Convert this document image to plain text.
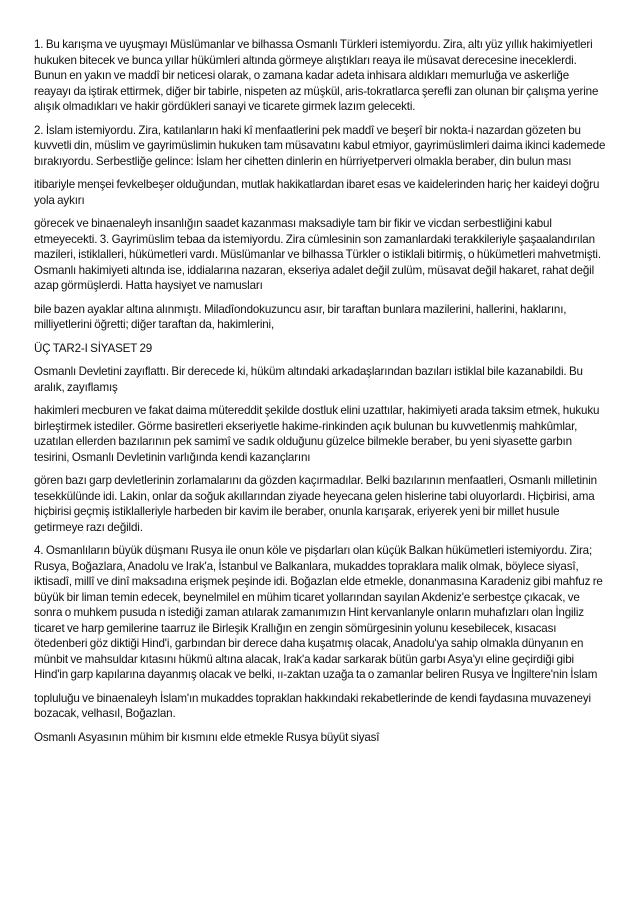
1. Bu karışma ve uyuşmayı Müslümanlar ve bilhassa Osmanlı Türkleri istemiyordu. Zira, altı yüz yıllık hakimiyetleri hukuken bitecek ve bunca yıllar hükümleri altında görmeye alıştıkları reaya ile müsavat derecesine ineceklerdi. Bunun en yakın ve maddî bir neticesi olarak, o zamana kadar adeta inhisara aldıkları memurluğa ve askerliğe reayayı da iştirak ettirmek, diğer bir tabirle, nispeten az müşkül, aris-tokratlarca şerefli zan olunan bir çalışma yerine alışık olmadıkları ve hakir gördükleri sanayi ve ticarete girmek lazım gelecekti.

2. İslam istemiyordu. Zira, katılanların haki kî menfaatlerini pek maddî ve beşerî bir nokta-i nazardan gözeten bu kuvvetli din, müslim ve gayrimüslimin hukuken tam müsavatını kabul etmiyor, gayrimüslimleri daima ikinci kademede bırakıyordu. Serbestliğe gelince: İslam her cihetten dinlerin en hürriyetperveri olmakla beraber, din bulun ması

itibariyle menşei fevkelbeşer olduğundan, mutlak hakikatlardan ibaret esas ve kaidelerinden hariç her kaideyi doğru yola aykırı

görecek ve binaenaleyh insanlığın saadet kazanması maksadiyle tam bir fikir ve vicdan serbestliğini kabul etmeyecekti. 3. Gayrimüslim tebaa da istemiyordu. Zira cümlesinin son zamanlardaki terakkileriyle şaşaalandırılan mazileri, istiklalleri, hükümetleri vardı. Müslümanlar ve bilhassa Türkler o istiklali bitirmiş, o hükümetleri mahvetmişti. Osmanlı hakimiyeti altında ise, iddialarına nazaran, ekseriya adalet değil zulüm, müsavat değil hakaret, rahat değil azap görmüşlerdi. Hatta haysiyet ve namusları

bile bazen ayaklar altına alınmıştı. Miladîondokuzuncu asır, bir taraftan bunlara mazilerini, hallerini, haklarını, milliyetlerini öğretti; diğer taraftan da, hakimlerini,

ÜÇ TAR2-I SİYASET 29

Osmanlı Devletini zayıflattı. Bir derecede ki, hüküm altındaki arkadaşlarından bazıları istiklal bile kazanabildi. Bu aralık, zayıflamış

hakimleri mecburen ve fakat daima mütereddit şekilde dostluk elini uzattılar, hakimiyeti arada taksim etmek, hukuku birleştirmek istediler. Görme basiretleri ekseriyetle hakime-rinkinden açık bulunan bu kuvvetlenmiş mahkûmlar, uzatılan ellerden bazılarının pek samimî ve sadık olduğunu güzelce bilmekle beraber, bu yeni siyasette garbın tesirini, Osmanlı Devletinin varlığında kendi kazançlarını

gören bazı garp devletlerinin zorlamalarını da gözden kaçırmadılar. Belki bazılarının menfaatleri, Osmanlı milletinin tesekkülünde idi. Lakin, onlar da soğuk akıllarından ziyade heyecana gelen hislerine tabi oluyorlardı. Hiçbirisi, ama hiçbirisi geçmiş istiklalleriyle harbeden bir kavim ile beraber, onunla karışarak, eriyerek yeni bir millet husule getirmeye razı değildi.

4. Osmanlıların büyük düşmanı Rusya ile onun köle ve pişdarları olan küçük Balkan hükümetleri istemiyordu. Zira; Rusya, Boğazlara, Anadolu ve Irak'a, İstanbul ve Balkanlara, mukaddes topraklara malik olmak, böylece siyasî, iktisadî, millî ve dinî maksadına erişmek peşinde idi. Boğazlan elde etmekle, donanmasına Karadeniz gibi mahfuz re büyük bir liman temin edecek, beynelmilel en mühim ticaret yollarından sayılan Akdeniz'e serbestçe çıkacak, ve sonra o muhkem pusuda n istediği zaman atılarak zamanımızın Hint kervanlanyle onların muhafızları olan İngiliz ticaret ve harp gemilerine taarruz ile Birleşik Krallığın en zengin sömürgesinin yolunu kesebilecek, kısacası ötedenberi göz diktiği Hind'i, garbından bir derece daha kuşatmış olacak, Anadolu'ya sahip olmakla dünyanın en münbit ve mahsuldar kıtasını hükmü altına alacak, Irak'a kadar sarkarak bütün garbı Asya'yı eline geçirdiği gibi Hind'in garp kapılarına dayanmış olacak ve belki, ıı-zaktan uzağa ta o zamanlar beliren Rusya ve İngiltere'nin İslam

topluluğu ve binaenaleyh İslam'ın mukaddes topraklan hakkındaki rekabetlerinde de kendi faydasına muvazeneyi bozacak, velhasıl, Boğazlan.

Osmanlı Asyasının mühim bir kısmını elde etmekle Rusya büyüt siyasî
